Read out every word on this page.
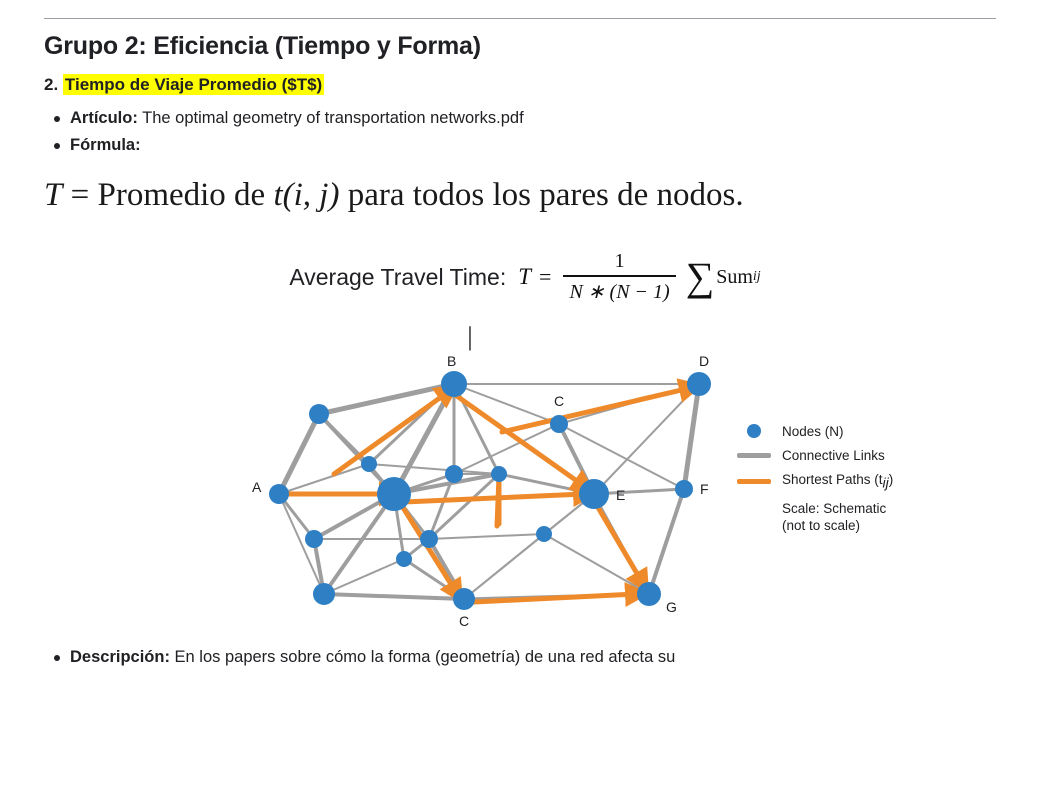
Grupo 2: Eficiencia (Tiempo y Forma)
2. Tiempo de Viaje Promedio ($T$)
Artículo: The optimal geometry of transportation networks.pdf
Fórmula:
T = Promedio de t(i, j) para todos los pares de nodos.
Average Travel Time: $T = \frac{1}{N ∗ (N - 1)}$ ∑ Sum ij
|
A
B
C
D
E	F
G
C
Nodes (N)
Connective Links
Shortest Paths (tij)
Scale: Schematic
(not to scale)
Descripción: En los papers sobre cómo la forma (geometría) de una red afecta su
